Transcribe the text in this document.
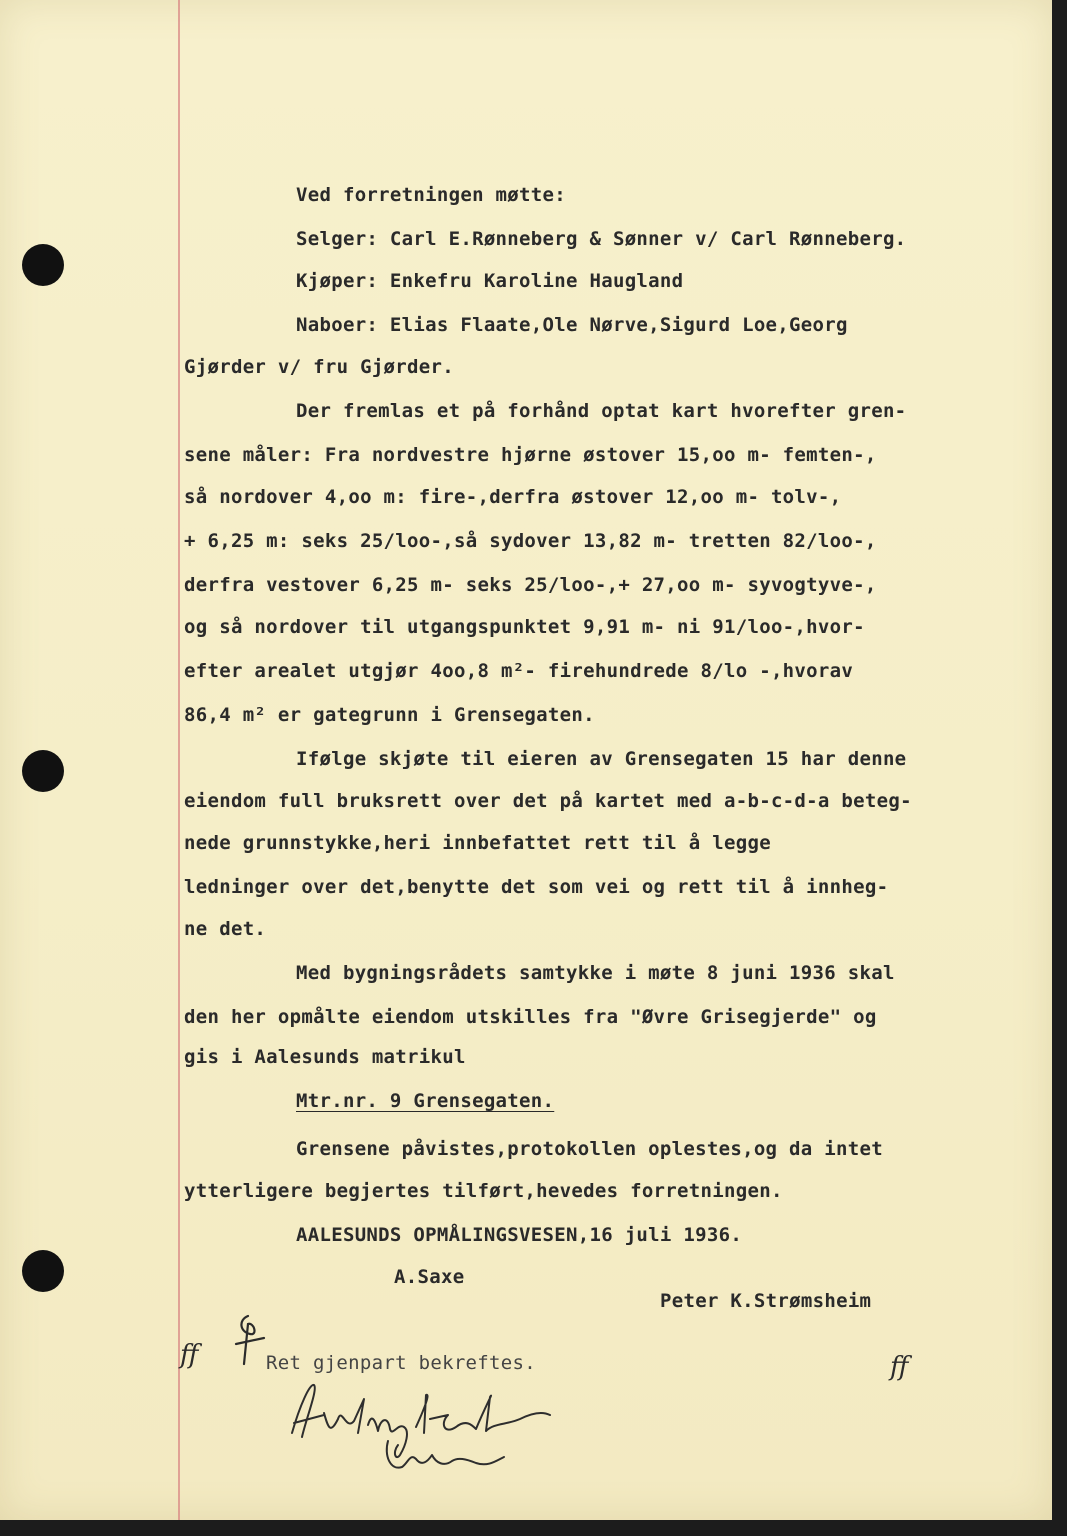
Ved forretningen møtte:
Selger: Carl E.Rønneberg & Sønner v/ Carl Rønneberg.
Kjøper: Enkefru Karoline Haugland
Naboer: Elias Flaate,Ole Nørve,Sigurd Loe,Georg
Gjørder v/ fru Gjørder.
Der fremlas et på forhånd optat kart hvorefter gren-
sene måler: Fra nordvestre hjørne østover 15,oo m- femten-,
så nordover 4,oo m: fire-,derfra østover 12,oo m- tolv-,
+ 6,25 m: seks 25/loo-,så sydover 13,82 m- tretten 82/loo-,
derfra vestover 6,25 m- seks 25/loo-,+ 27,oo m- syvogtyve-,
og så nordover til utgangspunktet 9,91 m- ni 91/loo-,hvor-
efter arealet utgjør 4oo,8 m²- firehundrede 8/lo -,hvorav
86,4 m² er gategrunn i Grensegaten.
Ifølge skjøte til eieren av Grensegaten 15 har denne
eiendom full bruksrett over det på kartet med a-b-c-d-a beteg-
nede grunnstykke,heri innbefattet rett til å legge
ledninger over det,benytte det som vei og rett til å innheg-
ne det.
Med bygningsrådets samtykke i møte 8 juni 1936 skal
den her opmålte eiendom utskilles fra "Øvre Grisegjerde" og
gis i Aalesunds matrikul
Mtr.nr. 9 Grensegaten.
Grensene påvistes,protokollen oplestes,og da intet
ytterligere begjertes tilført,hevedes forretningen.
AALESUNDS OPMÅLINGSVESEN,16 juli 1936.
A.Saxe
Peter K.Strømsheim
ff	ff
Ret gjenpart bekreftes.
